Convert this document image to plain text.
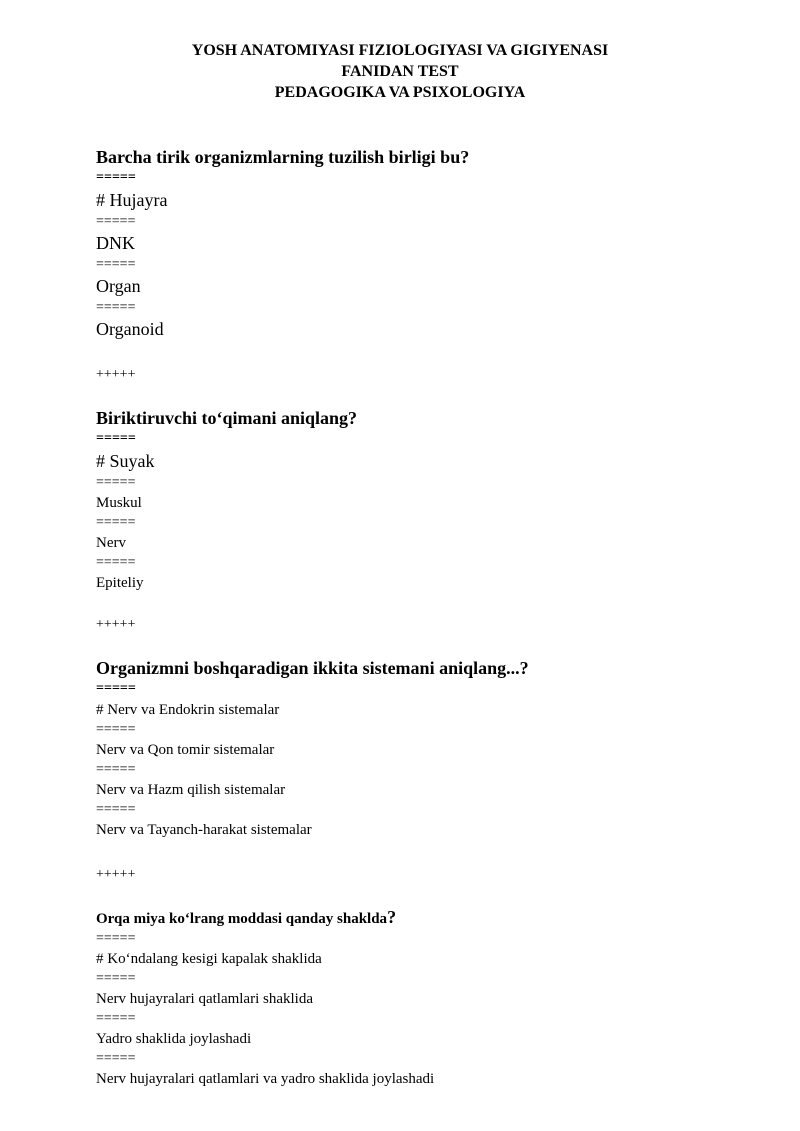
YOSH ANATOMIYASI FIZIOLOGIYASI VA GIGIYENASI
FANIDAN TEST
PEDAGOGIKA VA PSIXOLOGIYA
Barcha tirik organizmlarning tuzilish birligi bu?
=====
# Hujayra
=====
DNK
=====
Organ
=====
Organoid
+++++
Biriktiruvchi to‘qimani aniqlang?
=====
# Suyak
=====
Muskul
=====
Nerv
=====
Epiteliy
+++++
Organizmni boshqaradigan ikkita sistemani aniqlang...?
=====
# Nerv va Endokrin sistemalar
=====
Nerv va Qon tomir sistemalar
=====
Nerv va Hazm qilish sistemalar
=====
Nerv va Tayanch-harakat sistemalar
+++++
Orqa miya ko‘lrang moddasi qanday shaklda?
=====
# Ko‘ndalang kesigi kapalak shaklida
=====
Nerv hujayralari qatlamlari shaklida
=====
Yadro shaklida joylashadi
=====
Nerv hujayralari qatlamlari va yadro shaklida joylashadi
